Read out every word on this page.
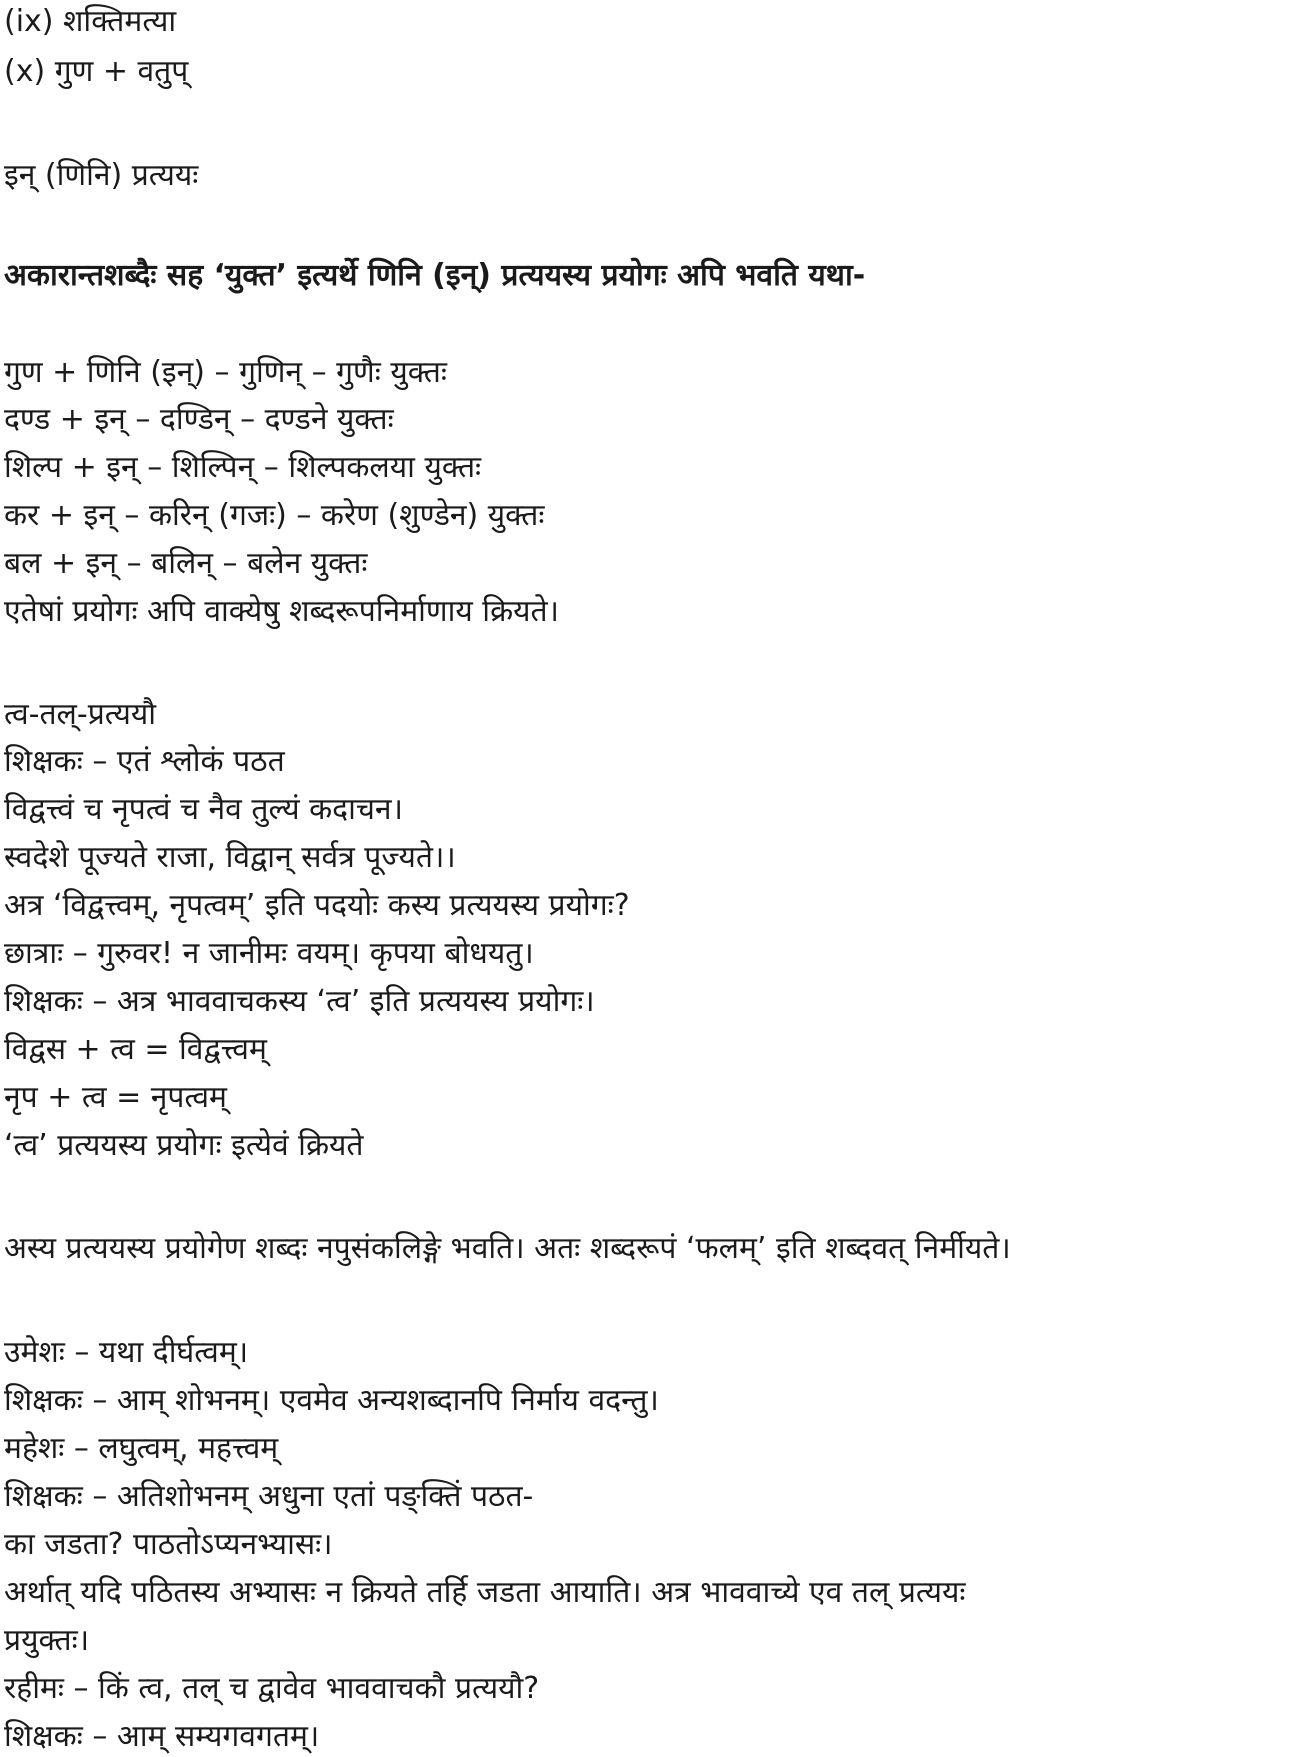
(ix) शक्तिमत्या
(x) गुण + वतुप्
इन् (णिनि) प्रत्ययः
अकारान्तशब्दैः सह ‘युक्त’ इत्यर्थे णिनि (इन्) प्रत्ययस्य प्रयोगः अपि भवति यथा-
गुण + णिनि (इन्) – गुणिन् – गुणैः युक्तः
दण्ड + इन् – दण्डिन् – दण्डने युक्तः
शिल्प + इन् – शिल्पिन् – शिल्पकलया युक्तः
कर + इन् – करिन् (गजः) – करेण (शुण्डेन) युक्तः
बल + इन् – बलिन् – बलेन युक्तः
एतेषां प्रयोगः अपि वाक्येषु शब्दरूपनिर्माणाय क्रियते।
त्व-तल्-प्रत्ययौ
शिक्षकः – एतं श्लोकं पठत
विद्वत्त्वं च नृपत्वं च नैव तुल्यं कदाचन।
स्वदेशे पूज्यते राजा, विद्वान् सर्वत्र पूज्यते।।
अत्र ‘विद्वत्त्वम्, नृपत्वम्’ इति पदयोः कस्य प्रत्ययस्य प्रयोगः?
छात्राः – गुरुवर! न जानीमः वयम्। कृपया बोधयतु।
शिक्षकः – अत्र भाववाचकस्य ‘त्व’ इति प्रत्ययस्य प्रयोगः।
विद्वस + त्व = विद्वत्त्वम्
नृप + त्व = नृपत्वम्
‘त्व’ प्रत्ययस्य प्रयोगः इत्येवं क्रियते
अस्य प्रत्ययस्य प्रयोगेण शब्दः नपुसंकलिङ्गे भवति। अतः शब्दरूपं ‘फलम्’ इति शब्दवत् निर्मीयते।
उमेशः – यथा दीर्घत्वम्।
शिक्षकः – आम् शोभनम्। एवमेव अन्यशब्दानपि निर्माय वदन्तु।
महेशः – लघुत्वम्, महत्त्वम्
शिक्षकः – अतिशोभनम् अधुना एतां पङ्क्तिं पठत-
का जडता? पाठतोऽप्यनभ्यासः।
अर्थात् यदि पठितस्य अभ्यासः न क्रियते तर्हि जडता आयाति। अत्र भाववाच्ये एव तल् प्रत्ययः
प्रयुक्तः।
रहीमः – किं त्व, तल् च द्वावेव भाववाचकौ प्रत्ययौ?
शिक्षकः – आम् सम्यगवगतम्।
